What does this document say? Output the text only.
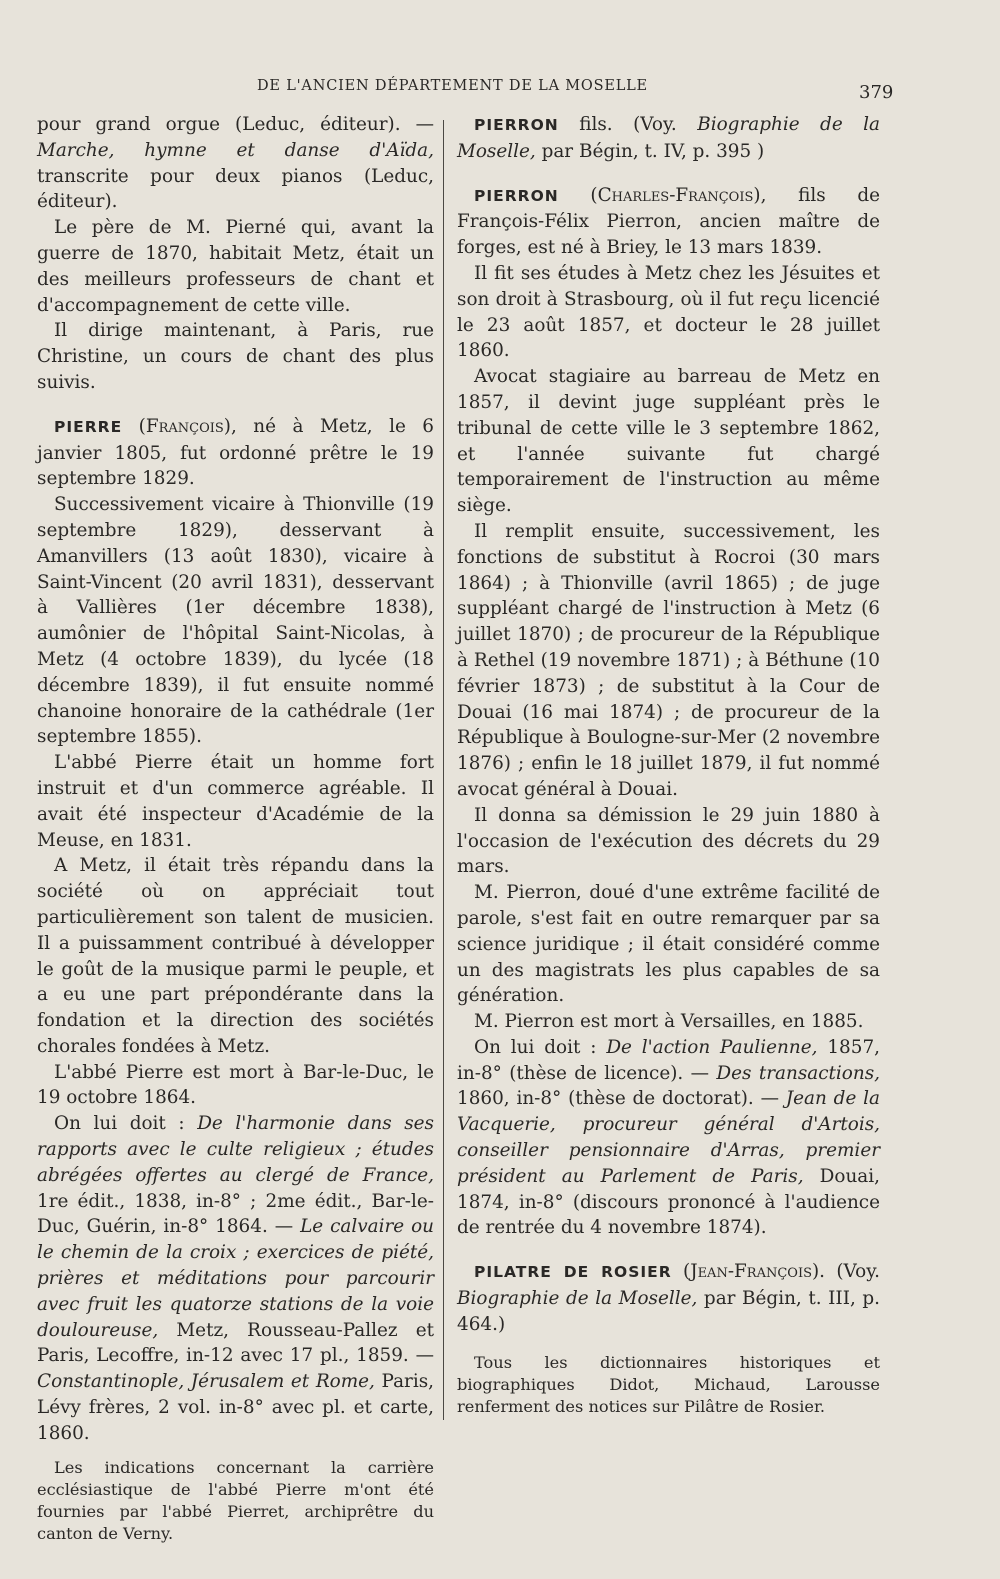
DE L'ANCIEN DÉPARTEMENT DE LA MOSELLE	379

pour grand orgue (Leduc, éditeur). — Marche, hymne et danse d'Aïda, transcrite pour deux pianos (Leduc, éditeur).

Le père de M. Pierné qui, avant la guerre de 1870, habitait Metz, était un des meilleurs professeurs de chant et d'accompagnement de cette ville.

Il dirige maintenant, à Paris, rue Christine, un cours de chant des plus suivis.

PIERRE (François), né à Metz, le 6 janvier 1805, fut ordonné prêtre le 19 septembre 1829.

Successivement vicaire à Thionville (19 septembre 1829), desservant à Amanvillers (13 août 1830), vicaire à Saint-Vincent (20 avril 1831), desservant à Vallières (1er décembre 1838), aumônier de l'hôpital Saint-Nicolas, à Metz (4 octobre 1839), du lycée (18 décembre 1839), il fut ensuite nommé chanoine honoraire de la cathédrale (1er septembre 1855).

L'abbé Pierre était un homme fort instruit et d'un commerce agréable. Il avait été inspecteur d'Académie de la Meuse, en 1831.

A Metz, il était très répandu dans la société où on appréciait tout particulièrement son talent de musicien. Il a puissamment contribué à développer le goût de la musique parmi le peuple, et a eu une part prépondérante dans la fondation et la direction des sociétés chorales fondées à Metz.

L'abbé Pierre est mort à Bar-le-Duc, le 19 octobre 1864.

On lui doit : De l'harmonie dans ses rapports avec le culte religieux ; études abrégées offertes au clergé de France, 1re édit., 1838, in-8° ; 2me édit., Bar-le-Duc, Guérin, in-8° 1864. — Le calvaire ou le chemin de la croix ; exercices de piété, prières et méditations pour parcourir avec fruit les quatorze stations de la voie douloureuse, Metz, Rousseau-Pallez et Paris, Lecoffre, in-12 avec 17 pl., 1859. — Constantinople, Jérusalem et Rome, Paris, Lévy frères, 2 vol. in-8° avec pl. et carte, 1860.

Les indications concernant la carrière ecclésiastique de l'abbé Pierre m'ont été fournies par l'abbé Pierret, archiprêtre du canton de Verny.

PIERRON fils. (Voy. Biographie de la Moselle, par Bégin, t. IV, p. 395 )

PIERRON (Charles-François), fils de François-Félix Pierron, ancien maître de forges, est né à Briey, le 13 mars 1839.

Il fit ses études à Metz chez les Jésuites et son droit à Strasbourg, où il fut reçu licencié le 23 août 1857, et docteur le 28 juillet 1860.

Avocat stagiaire au barreau de Metz en 1857, il devint juge suppléant près le tribunal de cette ville le 3 septembre 1862, et l'année suivante fut chargé temporairement de l'instruction au même siège.

Il remplit ensuite, successivement, les fonctions de substitut à Rocroi (30 mars 1864) ; à Thionville (avril 1865) ; de juge suppléant chargé de l'instruction à Metz (6 juillet 1870) ; de procureur de la République à Rethel (19 novembre 1871) ; à Béthune (10 février 1873) ; de substitut à la Cour de Douai (16 mai 1874) ; de procureur de la République à Boulogne-sur-Mer (2 novembre 1876) ; enfin le 18 juillet 1879, il fut nommé avocat général à Douai.

Il donna sa démission le 29 juin 1880 à l'occasion de l'exécution des décrets du 29 mars.

M. Pierron, doué d'une extrême facilité de parole, s'est fait en outre remarquer par sa science juridique ; il était considéré comme un des magistrats les plus capables de sa génération.

M. Pierron est mort à Versailles, en 1885.

On lui doit : De l'action Paulienne, 1857, in-8° (thèse de licence). — Des transactions, 1860, in-8° (thèse de doctorat). — Jean de la Vacquerie, procureur général d'Artois, conseiller pensionnaire d'Arras, premier président au Parlement de Paris, Douai, 1874, in-8° (discours prononcé à l'audience de rentrée du 4 novembre 1874).

PILATRE DE ROSIER (Jean-François). (Voy. Biographie de la Moselle, par Bégin, t. III, p. 464.)

Tous les dictionnaires historiques et biographiques Didot, Michaud, Larousse renferment des notices sur Pilâtre de Rosier.
